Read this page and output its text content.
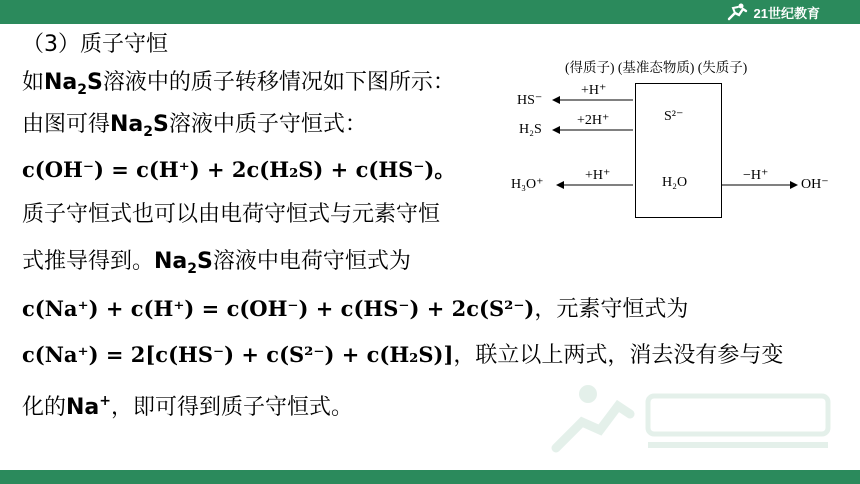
21世纪教育
（3）质子守恒
如$Na_2S$溶液中的质子转移情况如下图所示：
由图可得$Na_2S$溶液中质子守恒式：
c(OH⁻) = c(H⁺) + 2c(H₂S) + c(HS⁻)。
质子守恒式也可以由电荷守恒式与元素守恒
式推导得到。$Na_2S$溶液中电荷守恒式为
c(Na⁺) + c(H⁺) = c(OH⁻) + c(HS⁻) + 2c(S²⁻)，元素守恒式为
c(Na⁺) = 2[c(HS⁻) + c(S²⁻) + c(H₂S)]，联立以上两式，消去没有参与变
化的Na+，即可得到质子守恒式。
(得质子) (基准态物质) (失质子)
S²⁻
H₂O
HS⁻
H₂S
H₃O⁺
+H⁺
+2H⁺
+H⁺	−H⁺
OH⁻
